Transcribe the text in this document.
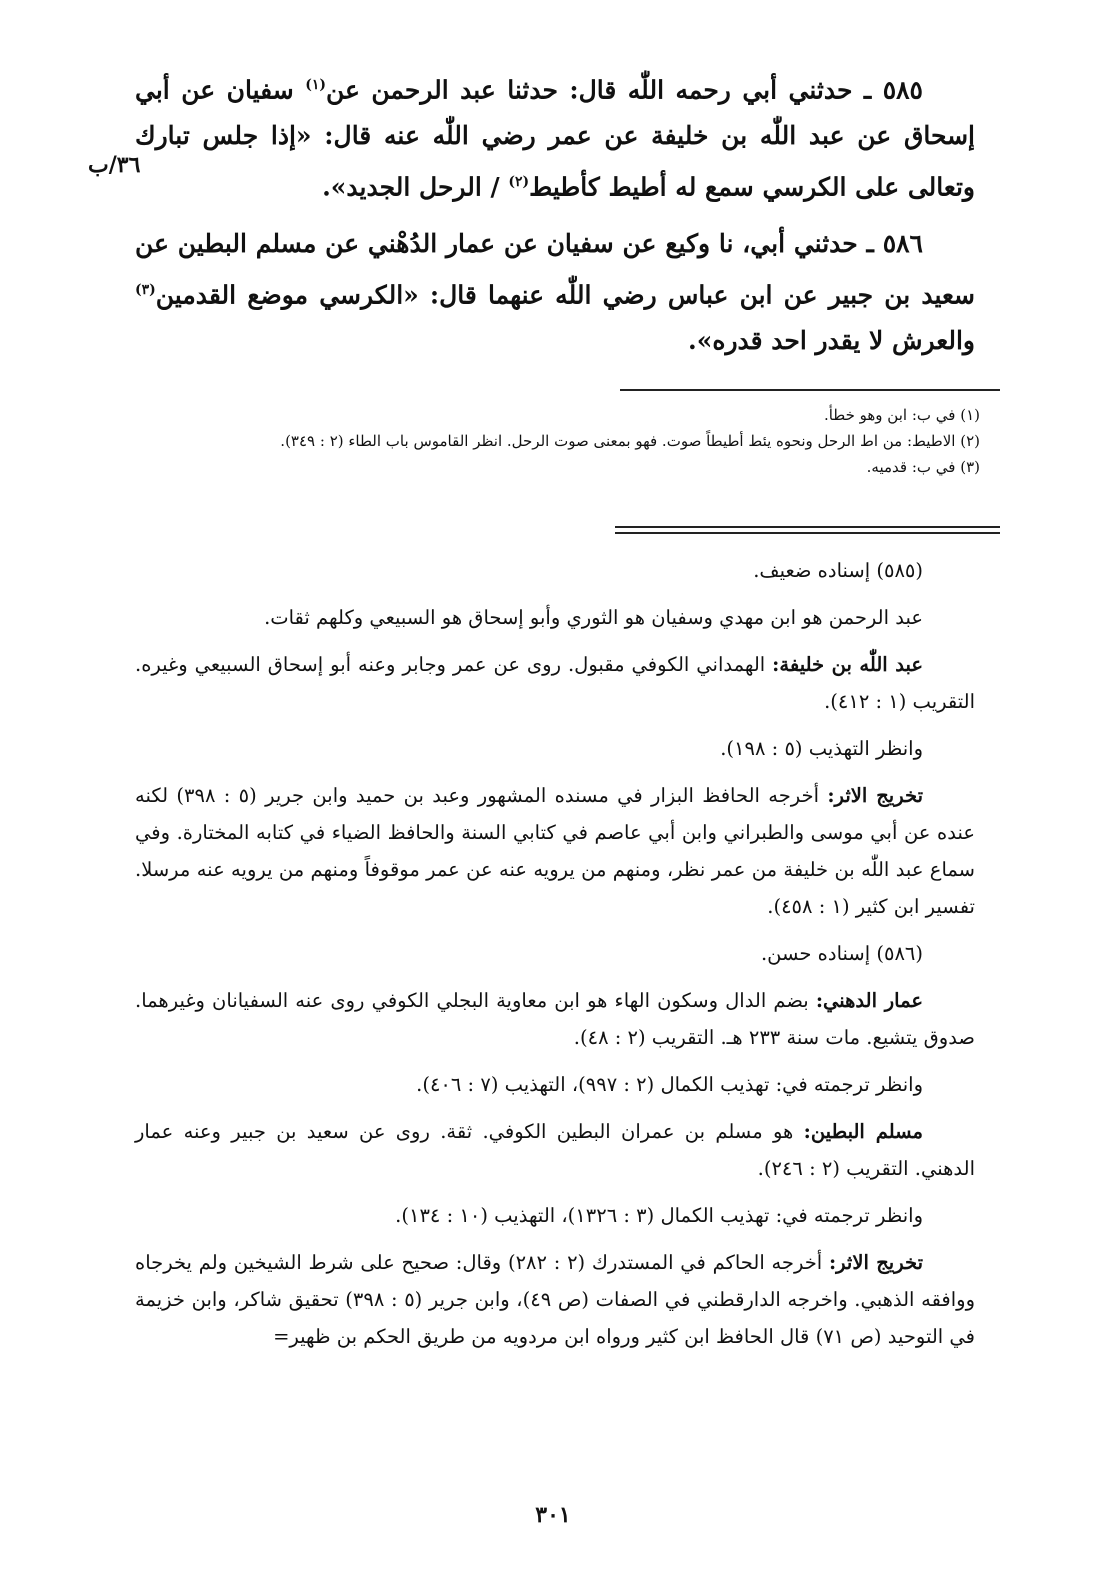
٥٨٥ ـ حدثني أبي رحمه اللّٰه قال: حدثنا عبد الرحمن عن$^{(١)}$ سفيان عن أبي إسحاق عن عبد اللّٰه بن خليفة عن عمر رضي اللّٰه عنه قال: «إذا جلس تبارك وتعالى على الكرسي سمع له أطيط كأطيط$^{(٢)}$ / الرحل الجديد».

٥٨٦ ـ حدثني أبي، نا وكيع عن سفيان عن عمار الدُهْني عن مسلم البطين عن سعيد بن جبير عن ابن عباس رضي اللّٰه عنهما قال: «الكرسي موضع القدمين$^{(٣)}$ والعرش لا يقدر احد قدره».

٣٦/ب

(١) في ب: ابن وهو خطأ.

(٢) الاطيط: من اط الرحل ونحوه يئط أطيطاً صوت. فهو بمعنى صوت الرحل. انظر القاموس باب الطاء (٢ : ٣٤٩).

(٣) في ب: قدميه.

(٥٨٥) إسناده ضعيف.

عبد الرحمن هو ابن مهدي وسفيان هو الثوري وأبو إسحاق هو السبيعي وكلهم ثقات.

عبد اللّٰه بن خليفة: الهمداني الكوفي مقبول. روى عن عمر وجابر وعنه أبو إسحاق السبيعي وغيره. التقريب (١ : ٤١٢).

وانظر التهذيب (٥ : ١٩٨).

تخريج الاثر: أخرجه الحافظ البزار في مسنده المشهور وعبد بن حميد وابن جرير (٥ : ٣٩٨) لكنه عنده عن أبي موسى والطبراني وابن أبي عاصم في كتابي السنة والحافظ الضياء في كتابه المختارة. وفي سماع عبد اللّٰه بن خليفة من عمر نظر، ومنهم من يرويه عنه عن عمر موقوفاً ومنهم من يرويه عنه مرسلا. تفسير ابن كثير (١ : ٤٥٨).

(٥٨٦) إسناده حسن.

عمار الدهني: بضم الدال وسكون الهاء هو ابن معاوية البجلي الكوفي روى عنه السفيانان وغيرهما. صدوق يتشيع. مات سنة ٢٣٣ هـ. التقريب (٢ : ٤٨).

وانظر ترجمته في: تهذيب الكمال (٢ : ٩٩٧)، التهذيب (٧ : ٤٠٦).

مسلم البطين: هو مسلم بن عمران البطين الكوفي. ثقة. روى عن سعيد بن جبير وعنه عمار الدهني. التقريب (٢ : ٢٤٦).

وانظر ترجمته في: تهذيب الكمال (٣ : ١٣٢٦)، التهذيب (١٠ : ١٣٤).

تخريج الاثر: أخرجه الحاكم في المستدرك (٢ : ٢٨٢) وقال: صحيح على شرط الشيخين ولم يخرجاه ووافقه الذهبي. واخرجه الدارقطني في الصفات (ص ٤٩)، وابن جرير (٥ : ٣٩٨) تحقيق شاكر، وابن خزيمة في التوحيد (ص ٧١) قال الحافظ ابن كثير ورواه ابن مردويه من طريق الحكم بن ظهير=

٣٠١
